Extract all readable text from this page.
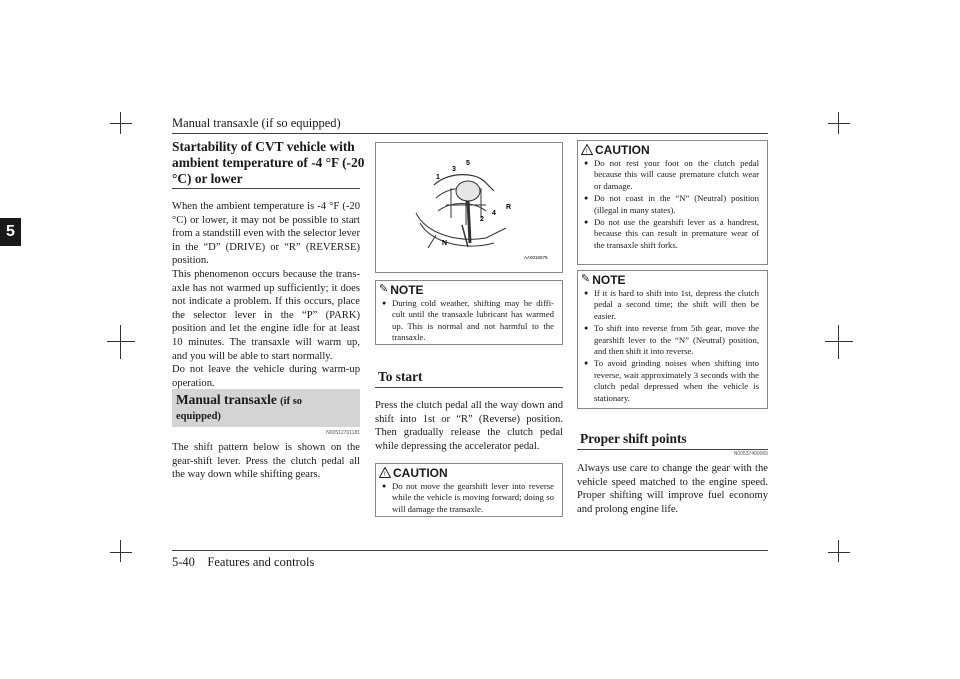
Manual transaxle (if so equipped)
5
Startability of CVT vehicle with ambient temperature of -4 °F (-20 °C) or lower

When the ambient temperature is -4 °F (-20 °C) or lower, it may not be possible to start from a standstill even with the selector lever in the “D” (DRIVE) or “R” (REVERSE) position.

This phenomenon occurs because the trans-axle has not warmed up sufficiently; it does not indicate a problem. If this occurs, place the selector lever in the “P” (PARK) position and let the engine idle for at least 10 minutes. The transaxle will warm up, and you will be able to start normally.

Do not leave the vehicle during warm-up operation.

Manual transaxle (if so
equipped)
N00512701181

The shift pattern below is shown on the gear-shift lever. Press the clutch pedal all the way down while shifting gears.

1
3
5
2
4
R
N
AA0015575
✎ NOTE
● During cold weather, shifting may be diffi-cult until the transaxle lubricant has warmed up. This is normal and not harmful to the transaxle.
To start

Press the clutch pedal all the way down and shift into 1st or “R” (Reverse) position. Then gradually release the clutch pedal while depressing the accelerator pedal.

! CAUTION
● Do not move the gearshift lever into reverse while the vehicle is moving forward; doing so will damage the transaxle.
! CAUTION
● Do not rest your foot on the clutch pedal because this will cause premature clutch wear or damage.
● Do not coast in the “N” (Neutral) position (illegal in many states).
● Do not use the gearshift lever as a handrest, because this can result in premature wear of the transaxle shift forks.
✎ NOTE
● If it is hard to shift into 1st, depress the clutch pedal a second time; the shift will then be easier.
● To shift into reverse from 5th gear, move the gearshift lever to the “N” (Neutral) position, and then shift it into reverse.
● To avoid grinding noises when shifting into reverse, wait approximately 3 seconds with the clutch pedal depressed when the vehicle is stationary.
Proper shift points
N00537400065

Always use care to change the gear with the vehicle speed matched to the engine speed. Proper shifting will improve fuel economy and prolong engine life.

5-40    Features and controls
